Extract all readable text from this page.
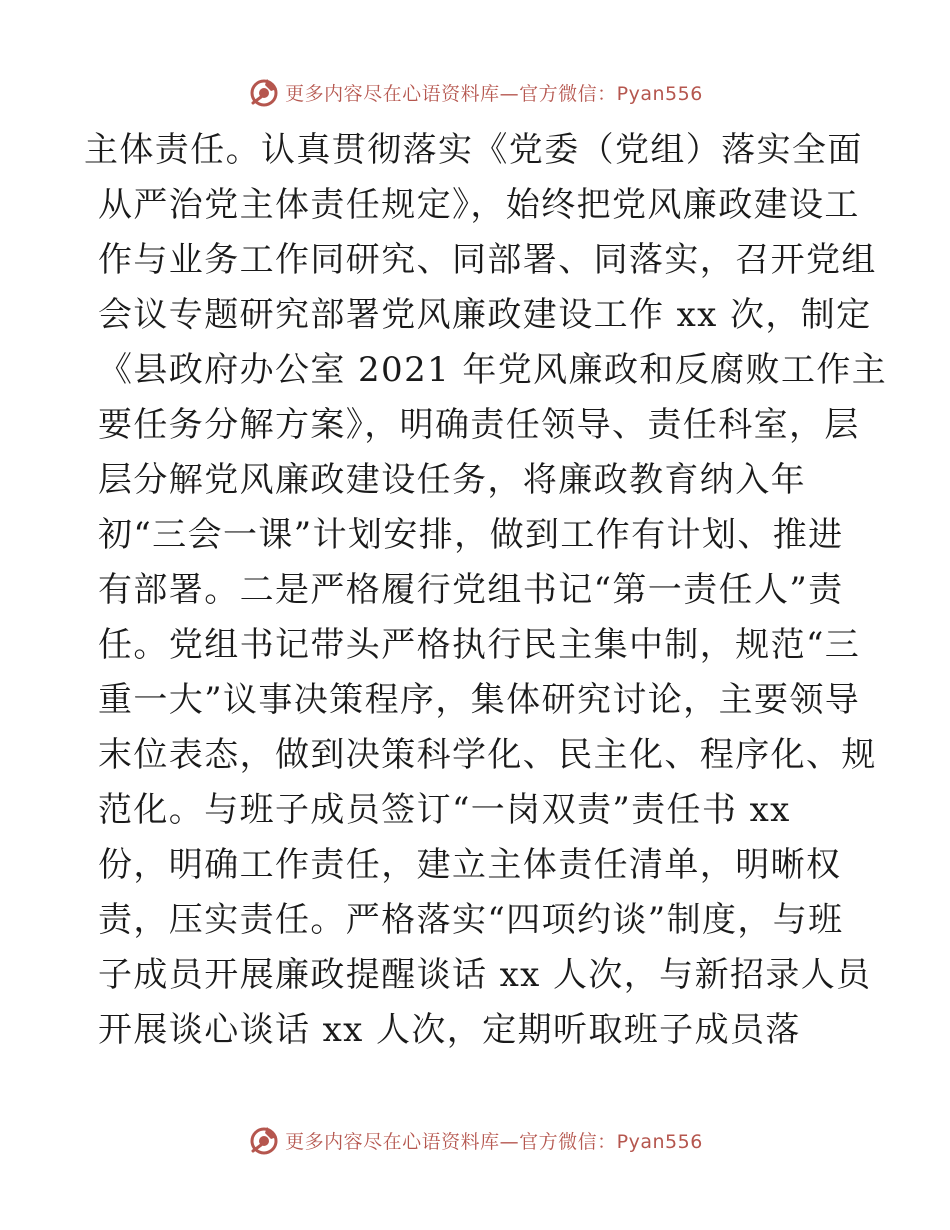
更多内容尽在心语资料库—官方微信：Pyan556
主体责任。认真贯彻落实《党委（党组）落实全面
从严治党主体责任规定》，始终把党风廉政建设工
作与业务工作同研究、同部署、同落实，召开党组
会议专题研究部署党风廉政建设工作 xx 次，制定
《县政府办公室 2021 年党风廉政和反腐败工作主
要任务分解方案》，明确责任领导、责任科室，层
层分解党风廉政建设任务，将廉政教育纳入年
初“三会一课”计划安排，做到工作有计划、推进
有部署。二是严格履行党组书记“第一责任人”责
任。党组书记带头严格执行民主集中制，规范“三
重一大”议事决策程序，集体研究讨论，主要领导
末位表态，做到决策科学化、民主化、程序化、规
范化。与班子成员签订“一岗双责”责任书 xx
份，明确工作责任，建立主体责任清单，明晰权
责，压实责任。严格落实“四项约谈”制度，与班
子成员开展廉政提醒谈话 xx 人次，与新招录人员
开展谈心谈话 xx 人次，定期听取班子成员落
更多内容尽在心语资料库—官方微信：Pyan556
